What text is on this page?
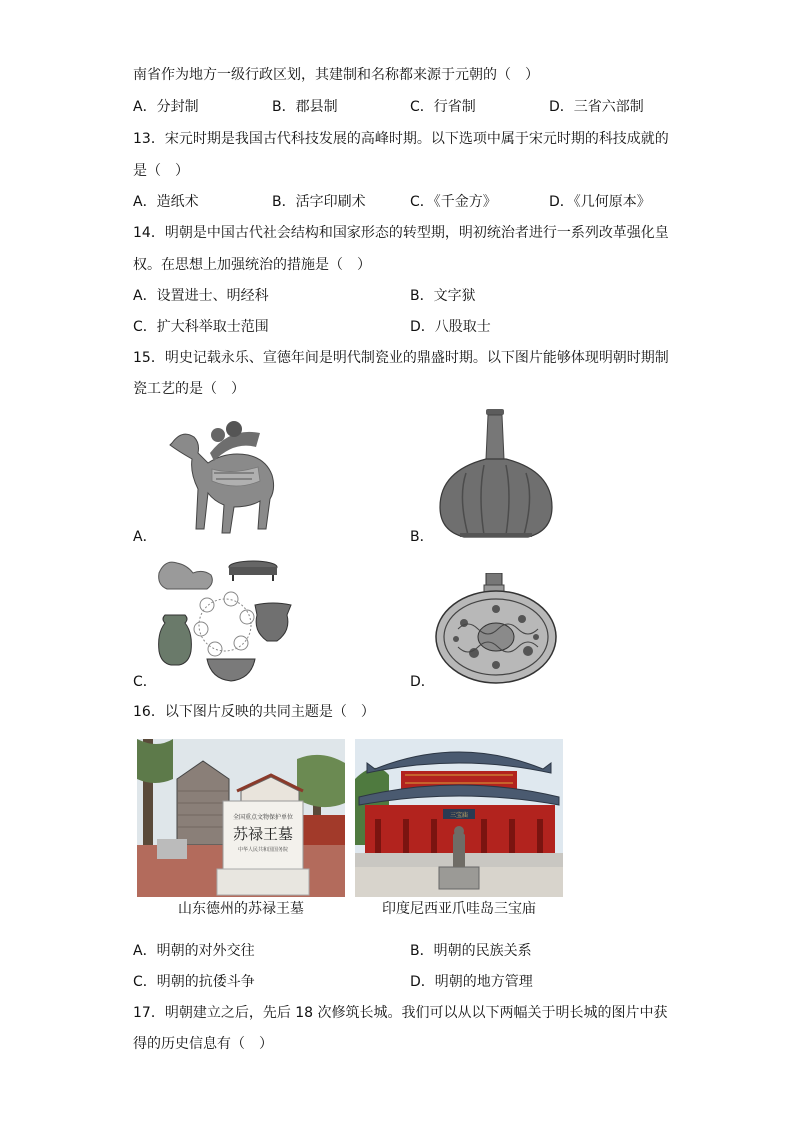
南省作为地方一级行政区划，其建制和名称都来源于元朝的（　）
A．分封制	B．郡县制	C．行省制	D．三省六部制
13．宋元时期是我国古代科技发展的高峰时期。以下选项中属于宋元时期的科技成就的
是（　）
A．造纸术	B．活字印刷术	C．《千金方》	D．《几何原本》
14．明朝是中国古代社会结构和国家形态的转型期，明初统治者进行一系列改革强化皇
权。在思想上加强统治的措施是（　）
A．设置进士、明经科	B．文字狱
C．扩大科举取士范围	D．八股取士
15．明史记载永乐、宣德年间是明代制瓷业的鼎盛时期。以下图片能够体现明朝时期制
瓷工艺的是（　）
A．	B．
C．	D．
16．以下图片反映的共同主题是（　）
全国重点文物保护单位
苏禄王墓
中华人民共和国国务院
山东德州的苏禄王墓
三宝庙
印度尼西亚爪哇岛三宝庙
A．明朝的对外交往	B．明朝的民族关系
C．明朝的抗倭斗争	D．明朝的地方管理
17．明朝建立之后，先后 18 次修筑长城。我们可以从以下两幅关于明长城的图片中获
得的历史信息有（　）
